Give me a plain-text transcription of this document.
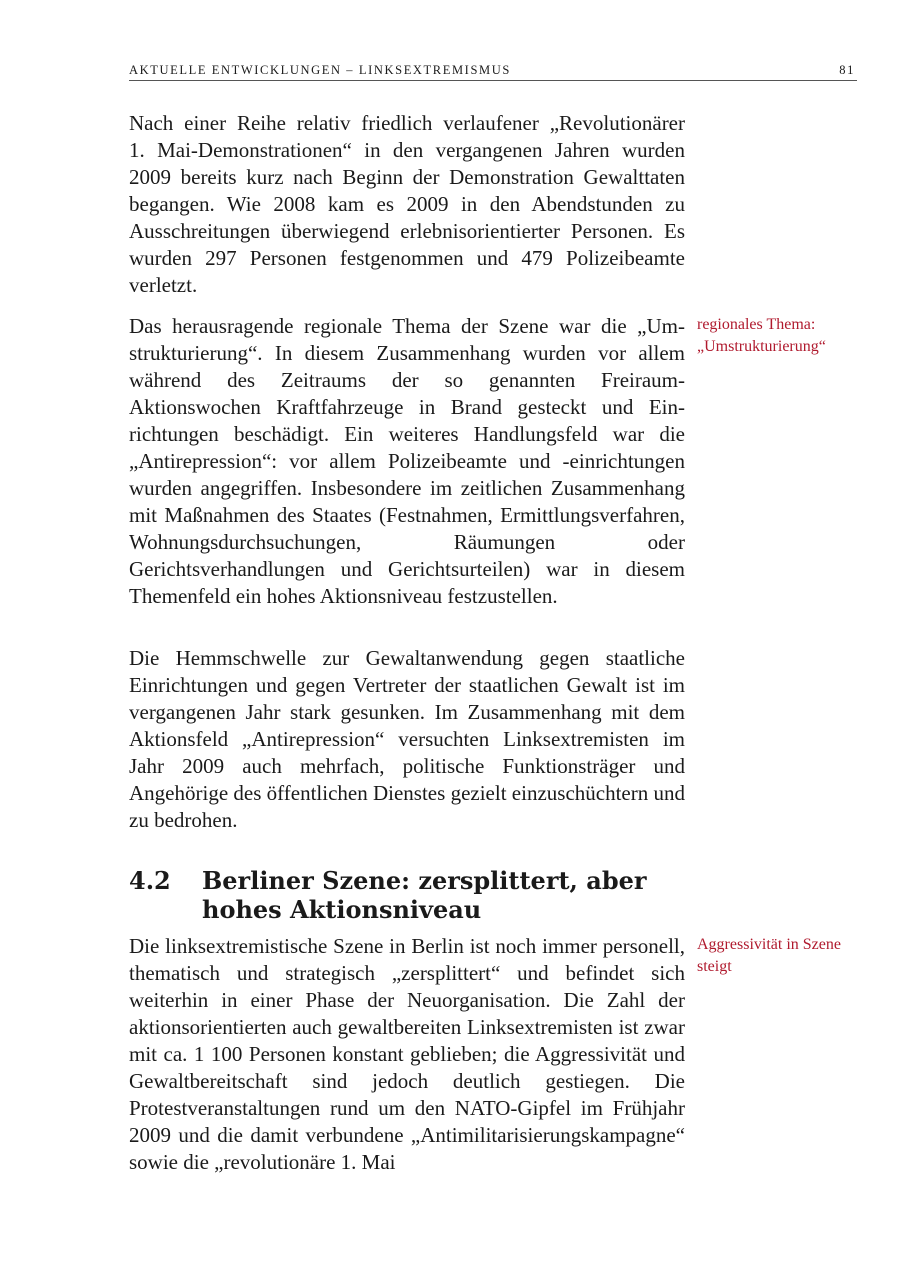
AKTUELLE ENTWICKLUNGEN – LINKSEXTREMISMUS	81

Nach einer Reihe relativ friedlich verlaufener „Revolutionärer 1. Mai-Demonstrationen“ in den vergangenen Jahren wurden 2009 bereits kurz nach Beginn der Demonstration Gewalttaten begangen. Wie 2008 kam es 2009 in den Abendstunden zu Ausschreitungen überwiegend erlebnisorientierter Personen. Es wurden 297 Personen festgenommen und 479 Polizeibeamte verletzt.

Das herausragende regionale Thema der Szene war die „Umstrukturierung“. In diesem Zusammenhang wurden vor allem während des Zeitraums der so genannten Freiraum-Aktionswochen Kraftfahrzeuge in Brand gesteckt und Einrichtungen beschädigt. Ein weiteres Handlungsfeld war die „Antirepression“: vor allem Polizeibeamte und -einrichtungen wurden angegriffen. Insbesondere im zeitlichen Zusammenhang mit Maßnahmen des Staates (Festnahmen, Ermittlungsverfahren, Wohnungsdurchsuchungen, Räumungen oder Gerichtsverhandlungen und Gerichtsurteilen) war in diesem Themenfeld ein hohes Aktionsniveau festzustellen.

regionales Thema: „Umstrukturierung“

Die Hemmschwelle zur Gewaltanwendung gegen staatliche Einrichtungen und gegen Vertreter der staatlichen Gewalt ist im vergangenen Jahr stark gesunken. Im Zusammenhang mit dem Aktionsfeld „Antirepression“ versuchten Linksextremisten im Jahr 2009 auch mehrfach, politische Funktionsträger und Angehörige des öffentlichen Dienstes gezielt einzuschüchtern und zu bedrohen.

4.2 Berliner Szene: zersplittert, aber hohes Aktionsniveau

Die linksextremistische Szene in Berlin ist noch immer personell, thematisch und strategisch „zersplittert“ und befindet sich weiterhin in einer Phase der Neuorganisation. Die Zahl der aktionsorientierten auch gewaltbereiten Linksextremisten ist zwar mit ca. 1 100 Personen konstant geblieben; die Aggressivität und Gewaltbereitschaft sind jedoch deutlich gestiegen. Die Protestveranstaltungen rund um den NATO-Gipfel im Frühjahr 2009 und die damit verbundene „Antimilitarisierungskampagne“ sowie die „revolutionäre 1. Mai

Aggressivität in Szene steigt
